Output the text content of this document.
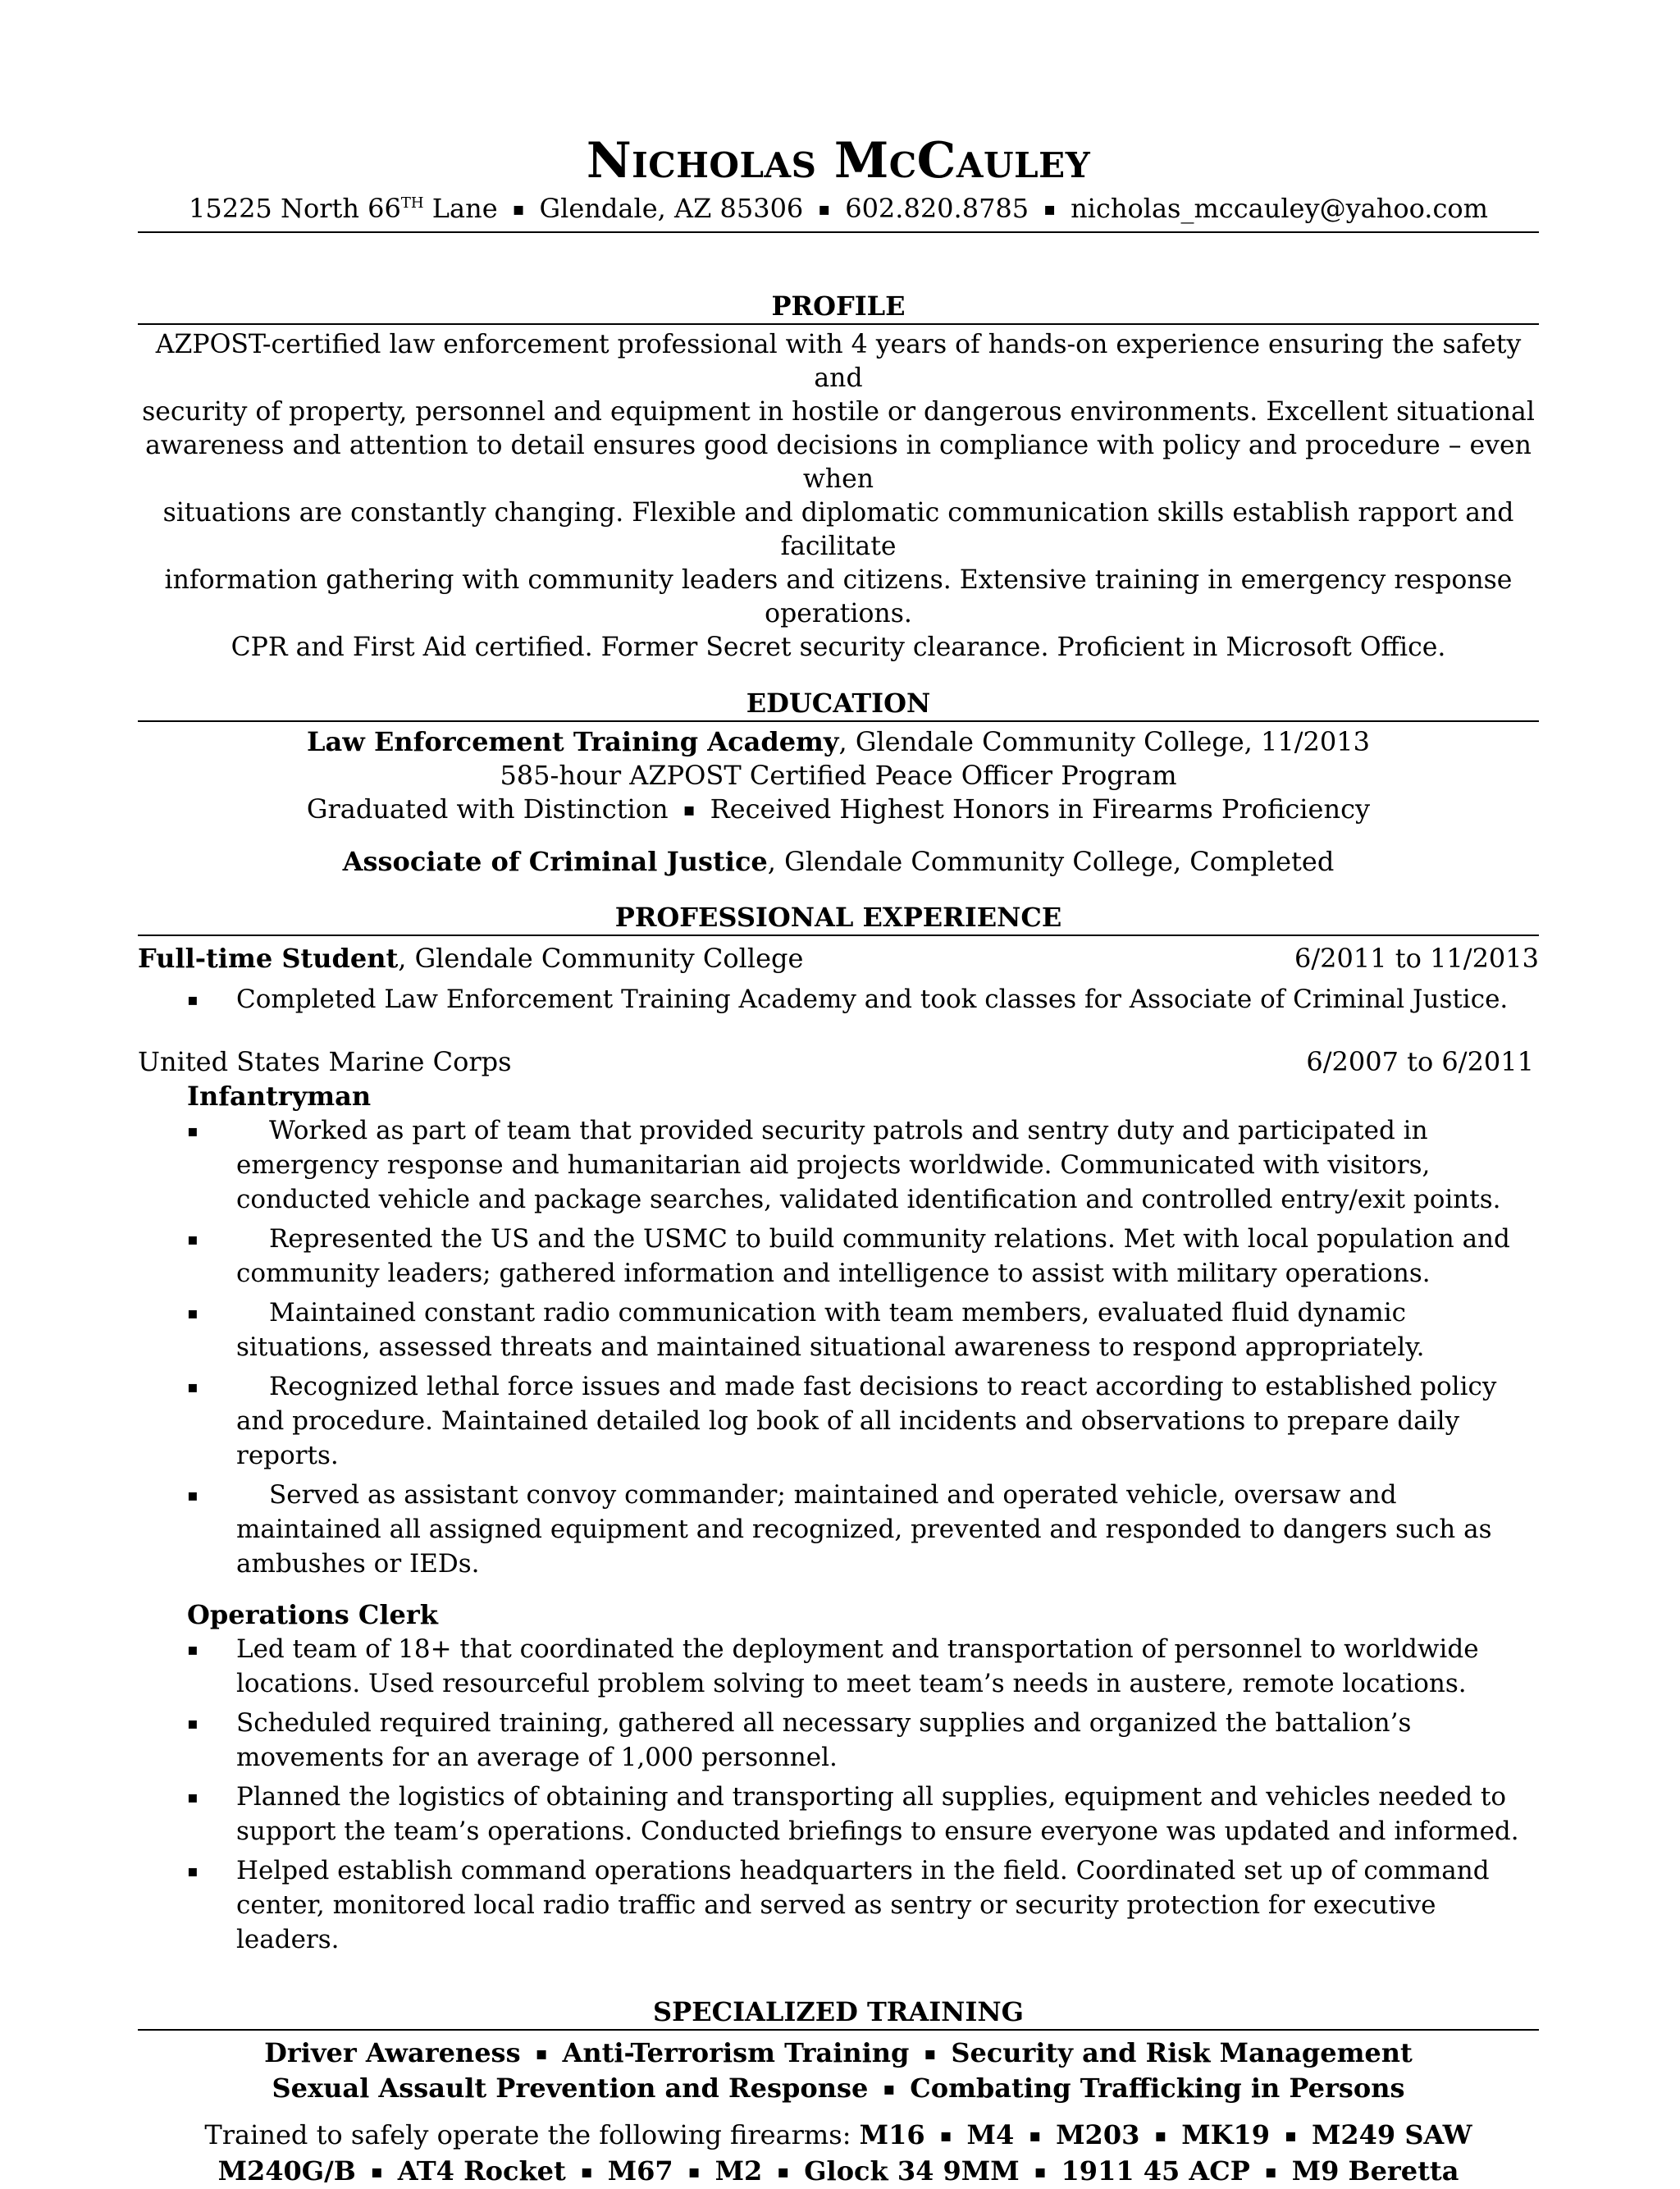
Nicholas McCauley
15225 North 66TH Lane ▪ Glendale, AZ 85306 ▪ 602.820.8785 ▪ nicholas_mccauley@yahoo.com
PROFILE
AZPOST-certified law enforcement professional with 4 years of hands-on experience ensuring the safety and
security of property, personnel and equipment in hostile or dangerous environments. Excellent situational
awareness and attention to detail ensures good decisions in compliance with policy and procedure – even when
situations are constantly changing. Flexible and diplomatic communication skills establish rapport and facilitate
information gathering with community leaders and citizens. Extensive training in emergency response operations.
CPR and First Aid certified. Former Secret security clearance. Proficient in Microsoft Office.
EDUCATION
Law Enforcement Training Academy, Glendale Community College, 11/2013
585-hour AZPOST Certified Peace Officer Program
Graduated with Distinction ▪ Received Highest Honors in Firearms Proficiency
Associate of Criminal Justice, Glendale Community College, Completed
PROFESSIONAL EXPERIENCE
Full-time Student, Glendale Community College	6/2011 to 11/2013
▪ Completed Law Enforcement Training Academy and took classes for Associate of Criminal Justice.
United States Marine Corps	6/2007 to 6/2011
Infantryman
▪	Worked as part of team that provided security patrols and sentry duty and participated in emergency response and humanitarian aid projects worldwide. Communicated with visitors, conducted vehicle and package searches, validated identification and controlled entry/exit points.
▪	Represented the US and the USMC to build community relations. Met with local population and community leaders; gathered information and intelligence to assist with military operations.
▪	Maintained constant radio communication with team members, evaluated fluid dynamic situations, assessed threats and maintained situational awareness to respond appropriately.
▪	Recognized lethal force issues and made fast decisions to react according to established policy and procedure. Maintained detailed log book of all incidents and observations to prepare daily reports.
▪	Served as assistant convoy commander; maintained and operated vehicle, oversaw and maintained all assigned equipment and recognized, prevented and responded to dangers such as ambushes or IEDs.
Operations Clerk
▪ Led team of 18+ that coordinated the deployment and transportation of personnel to worldwide locations. Used resourceful problem solving to meet team’s needs in austere, remote locations.
▪ Scheduled required training, gathered all necessary supplies and organized the battalion’s movements for an average of 1,000 personnel.
▪ Planned the logistics of obtaining and transporting all supplies, equipment and vehicles needed to support the team’s operations. Conducted briefings to ensure everyone was updated and informed.
▪ Helped establish command operations headquarters in the field. Coordinated set up of command center, monitored local radio traffic and served as sentry or security protection for executive leaders.
SPECIALIZED TRAINING
Driver Awareness ▪ Anti-Terrorism Training ▪ Security and Risk Management
Sexual Assault Prevention and Response ▪ Combating Trafficking in Persons
Trained to safely operate the following firearms: M16 ▪ M4 ▪ M203 ▪ MK19 ▪ M249 SAW
M240G/B ▪ AT4 Rocket ▪ M67 ▪ M2 ▪ Glock 34 9MM ▪ 1911 45 ACP ▪ M9 Beretta
